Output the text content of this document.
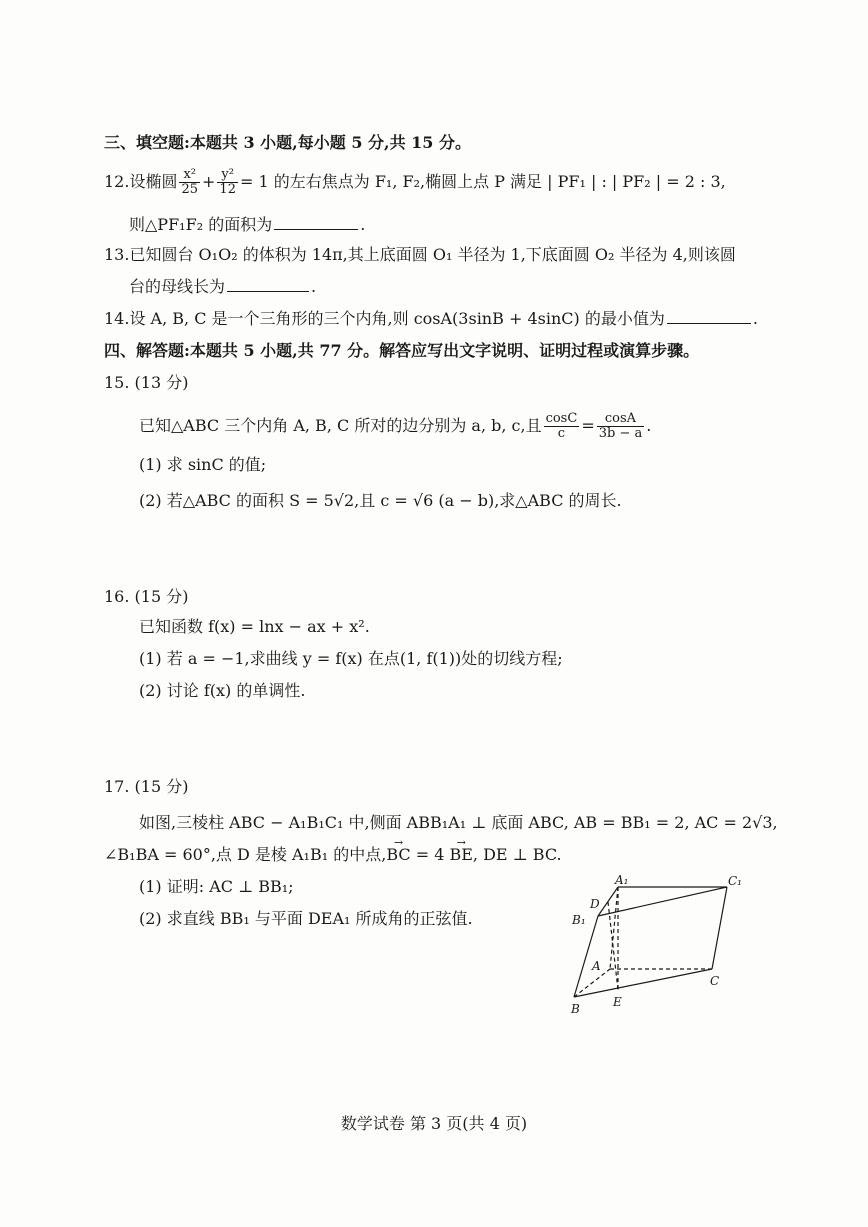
三、填空题:本题共 3 小题,每小题 5 分,共 15 分。
12.设椭圆 $\frac{\text{x²}}{25} + \frac{\text{y²}}{12} = 1$ 的左右焦点为 F₁, F₂,椭圆上点 P 满足 | PF₁ | : | PF₂ | = 2 : 3,
则△PF₁F₂ 的面积为	.
13.已知圆台 O₁O₂ 的体积为 14π,其上底面圆 O₁ 半径为 1,下底面圆 O₂ 半径为 4,则该圆
台的母线长为	.
14.设 A, B, C 是一个三角形的三个内角,则 cosA(3sinB + 4sinC) 的最小值为	.
四、解答题:本题共 5 小题,共 77 分。解答应写出文字说明、证明过程或演算步骤。
15. (13 分)
已知△ABC 三个内角 A, B, C 所对的边分别为 a, b, c,且 $\frac{\cos C}{c} = \frac{\cos A}{3b - a}$ .
(1) 求 sinC 的值;
(2) 若△ABC 的面积 S = 5√2,且 c = √6 (a − b),求△ABC 的周长.
16. (15 分)
已知函数 f(x) = lnx − ax + x².
(1) 若 a = −1,求曲线 y = f(x) 在点(1, f(1))处的切线方程;
(2) 讨论 f(x) 的单调性.
17. (15 分)
如图,三棱柱 ABC − A₁B₁C₁ 中,侧面 ABB₁A₁ ⊥ 底面 ABC, AB = BB₁ = 2, AC = 2√3,
∠B₁BA = 60°,点 D 是棱 A₁B₁ 的中点,→ BC = 4 → BE, DE ⊥ BC.
(1) 证明: AC ⊥ BB₁;
(2) 求直线 BB₁ 与平面 DEA₁ 所成角的正弦值.
A₁	C₁
D
B₁
A
C
B	E
数学试卷 第 3 页(共 4 页)
